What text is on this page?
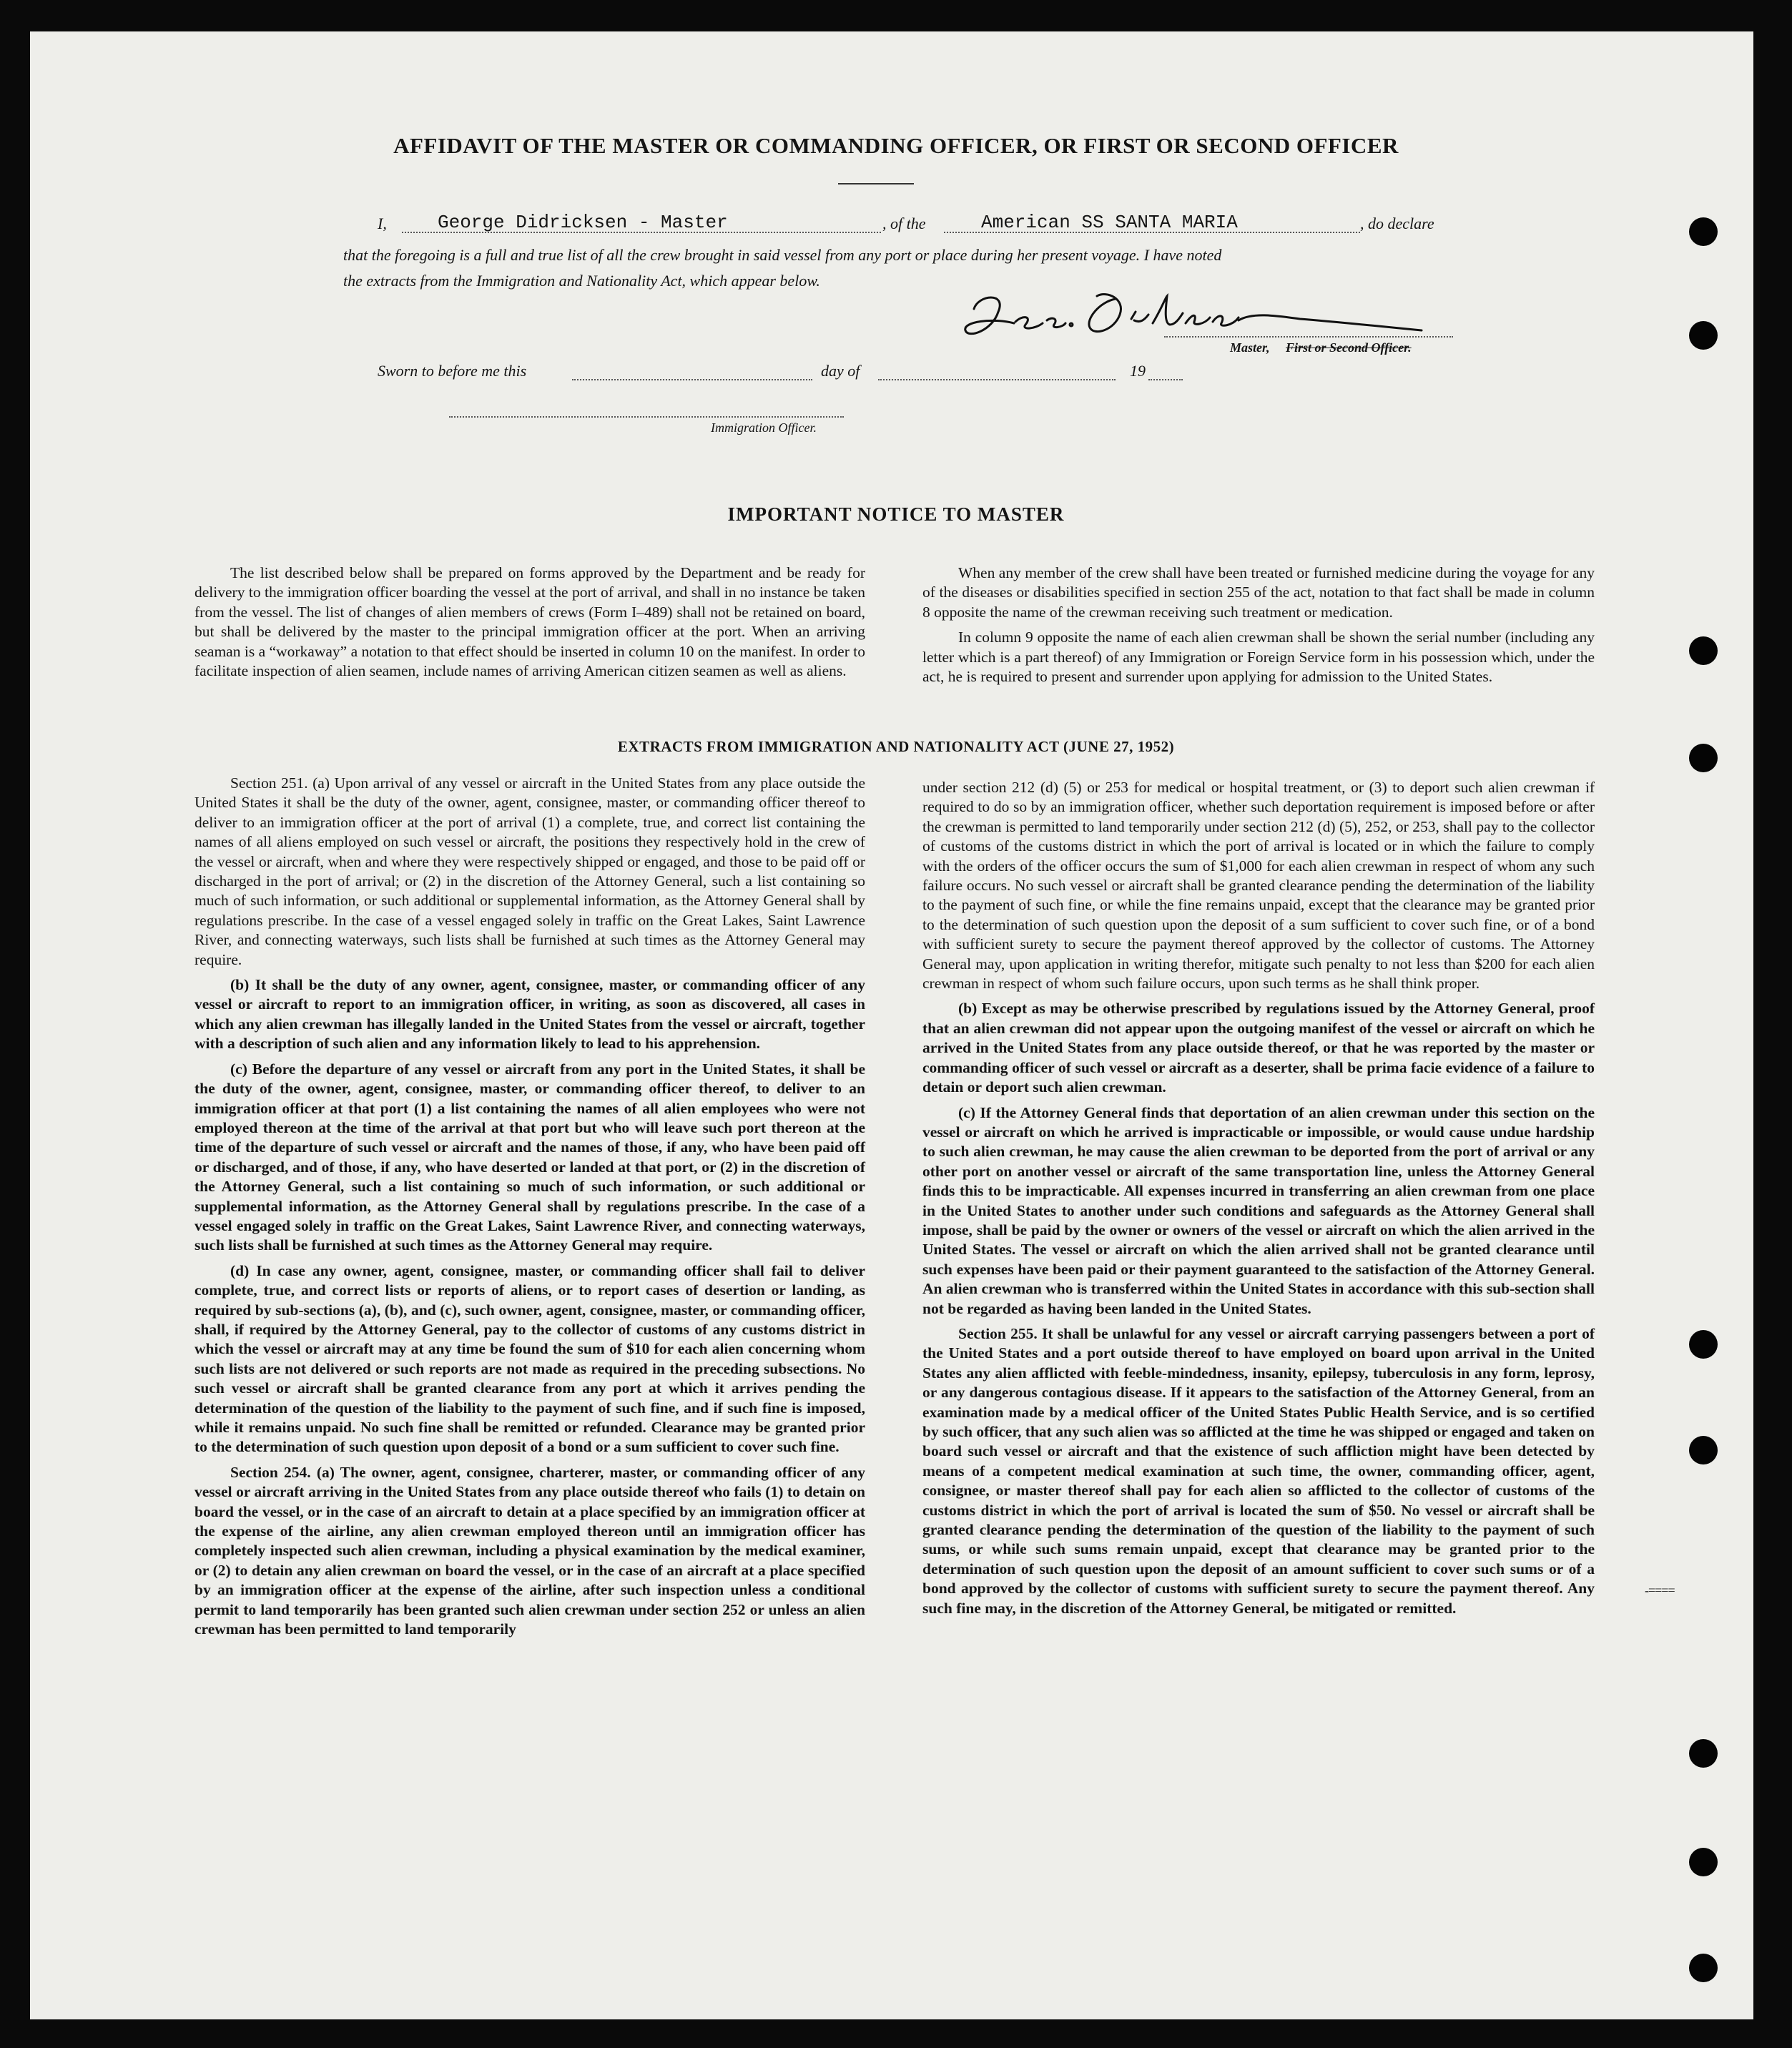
AFFIDAVIT OF THE MASTER OR COMMANDING OFFICER, OR FIRST OR SECOND OFFICER
I,	George Didricksen - Master	, of the	American SS SANTA MARIA	, do declare
that the foregoing is a full and true list of all the crew brought in said vessel from any port or place during her present voyage. I have noted
the extracts from the Immigration and Nationality Act, which appear below.
Master, First or Second Officer.
Sworn to before me this	day of	19
Immigration Officer.
IMPORTANT NOTICE TO MASTER

The list described below shall be prepared on forms approved by the Department and be ready for delivery to the immigration officer boarding the vessel at the port of arrival, and shall in no instance be taken from the vessel. The list of changes of alien members of crews (Form I–489) shall not be retained on board, but shall be delivered by the master to the principal immigration officer at the port. When an arriving seaman is a “workaway” a notation to that effect should be inserted in column 10 on the manifest. In order to facilitate inspection of alien seamen, include names of arriving American citizen seamen as well as aliens.

When any member of the crew shall have been treated or furnished medicine during the voyage for any of the diseases or disabilities specified in section 255 of the act, notation to that fact shall be made in column 8 opposite the name of the crewman receiving such treatment or medication.

In column 9 opposite the name of each alien crewman shall be shown the serial number (including any letter which is a part thereof) of any Immigration or Foreign Service form in his possession which, under the act, he is required to present and surrender upon applying for admission to the United States.

EXTRACTS FROM IMMIGRATION AND NATIONALITY ACT (JUNE 27, 1952)

Section 251. (a) Upon arrival of any vessel or aircraft in the United States from any place outside the United States it shall be the duty of the owner, agent, consignee, master, or commanding officer thereof to deliver to an immigration officer at the port of arrival (1) a complete, true, and correct list containing the names of all aliens employed on such vessel or aircraft, the positions they respectively hold in the crew of the vessel or aircraft, when and where they were respectively shipped or engaged, and those to be paid off or discharged in the port of arrival; or (2) in the discretion of the Attorney General, such a list containing so much of such information, or such additional or supplemental information, as the Attorney General shall by regulations prescribe. In the case of a vessel engaged solely in traffic on the Great Lakes, Saint Lawrence River, and connecting waterways, such lists shall be furnished at such times as the Attorney General may require.

(b) It shall be the duty of any owner, agent, consignee, master, or commanding officer of any vessel or aircraft to report to an immigration officer, in writing, as soon as discovered, all cases in which any alien crewman has illegally landed in the United States from the vessel or aircraft, together with a description of such alien and any information likely to lead to his apprehension.

(c) Before the departure of any vessel or aircraft from any port in the United States, it shall be the duty of the owner, agent, consignee, master, or commanding officer thereof, to deliver to an immigration officer at that port (1) a list containing the names of all alien employees who were not employed thereon at the time of the arrival at that port but who will leave such port thereon at the time of the departure of such vessel or aircraft and the names of those, if any, who have been paid off or discharged, and of those, if any, who have deserted or landed at that port, or (2) in the discretion of the Attorney General, such a list containing so much of such information, or such additional or supplemental information, as the Attorney General shall by regulations prescribe. In the case of a vessel engaged solely in traffic on the Great Lakes, Saint Lawrence River, and connecting waterways, such lists shall be furnished at such times as the Attorney General may require.

(d) In case any owner, agent, consignee, master, or commanding officer shall fail to deliver complete, true, and correct lists or reports of aliens, or to report cases of desertion or landing, as required by sub-sections (a), (b), and (c), such owner, agent, consignee, master, or commanding officer, shall, if required by the Attorney General, pay to the collector of customs of any customs district in which the vessel or aircraft may at any time be found the sum of $10 for each alien concerning whom such lists are not delivered or such reports are not made as required in the preceding subsections. No such vessel or aircraft shall be granted clearance from any port at which it arrives pending the determination of the question of the liability to the payment of such fine, and if such fine is imposed, while it remains unpaid. No such fine shall be remitted or refunded. Clearance may be granted prior to the determination of such question upon deposit of a bond or a sum sufficient to cover such fine.

Section 254. (a) The owner, agent, consignee, charterer, master, or commanding officer of any vessel or aircraft arriving in the United States from any place outside thereof who fails (1) to detain on board the vessel, or in the case of an aircraft to detain at a place specified by an immigration officer at the expense of the airline, any alien crewman employed thereon until an immigration officer has completely inspected such alien crewman, including a physical examination by the medical examiner, or (2) to detain any alien crewman on board the vessel, or in the case of an aircraft at a place specified by an immigration officer at the expense of the airline, after such inspection unless a conditional permit to land temporarily has been granted such alien crewman under section 252 or unless an alien crewman has been permitted to land temporarily

under section 212 (d) (5) or 253 for medical or hospital treatment, or (3) to deport such alien crewman if required to do so by an immigration officer, whether such deportation requirement is imposed before or after the crewman is permitted to land temporarily under section 212 (d) (5), 252, or 253, shall pay to the collector of customs of the customs district in which the port of arrival is located or in which the failure to comply with the orders of the officer occurs the sum of $1,000 for each alien crewman in respect of whom any such failure occurs. No such vessel or aircraft shall be granted clearance pending the determination of the liability to the payment of such fine, or while the fine remains unpaid, except that the clearance may be granted prior to the determination of such question upon the deposit of a sum sufficient to cover such fine, or of a bond with sufficient surety to secure the payment thereof approved by the collector of customs. The Attorney General may, upon application in writing therefor, mitigate such penalty to not less than $200 for each alien crewman in respect of whom such failure occurs, upon such terms as he shall think proper.

(b) Except as may be otherwise prescribed by regulations issued by the Attorney General, proof that an alien crewman did not appear upon the outgoing manifest of the vessel or aircraft on which he arrived in the United States from any place outside thereof, or that he was reported by the master or commanding officer of such vessel or aircraft as a deserter, shall be prima facie evidence of a failure to detain or deport such alien crewman.

(c) If the Attorney General finds that deportation of an alien crewman under this section on the vessel or aircraft on which he arrived is impracticable or impossible, or would cause undue hardship to such alien crewman, he may cause the alien crewman to be deported from the port of arrival or any other port on another vessel or aircraft of the same transportation line, unless the Attorney General finds this to be impracticable. All expenses incurred in transferring an alien crewman from one place in the United States to another under such conditions and safeguards as the Attorney General shall impose, shall be paid by the owner or owners of the vessel or aircraft on which the alien arrived in the United States. The vessel or aircraft on which the alien arrived shall not be granted clearance until such expenses have been paid or their payment guaranteed to the satisfaction of the Attorney General. An alien crewman who is transferred within the United States in accordance with this sub-section shall not be regarded as having been landed in the United States.

Section 255. It shall be unlawful for any vessel or aircraft carrying passengers between a port of the United States and a port outside thereof to have employed on board upon arrival in the United States any alien afflicted with feeble-mindedness, insanity, epilepsy, tuberculosis in any form, leprosy, or any dangerous contagious disease. If it appears to the satisfaction of the Attorney General, from an examination made by a medical officer of the United States Public Health Service, and is so certified by such officer, that any such alien was so afflicted at the time he was shipped or engaged and taken on board such vessel or aircraft and that the existence of such affliction might have been detected by means of a competent medical examination at such time, the owner, commanding officer, agent, consignee, or master thereof shall pay for each alien so afflicted to the collector of customs of the customs district in which the port of arrival is located the sum of $50. No vessel or aircraft shall be granted clearance pending the determination of the question of the liability to the payment of such sums, or while such sums remain unpaid, except that clearance may be granted prior to the determination of such question upon the deposit of an amount sufficient to cover such sums or of a bond approved by the collector of customs with sufficient surety to secure the payment thereof. Any such fine may, in the discretion of the Attorney General, be mitigated or remitted.

-====
